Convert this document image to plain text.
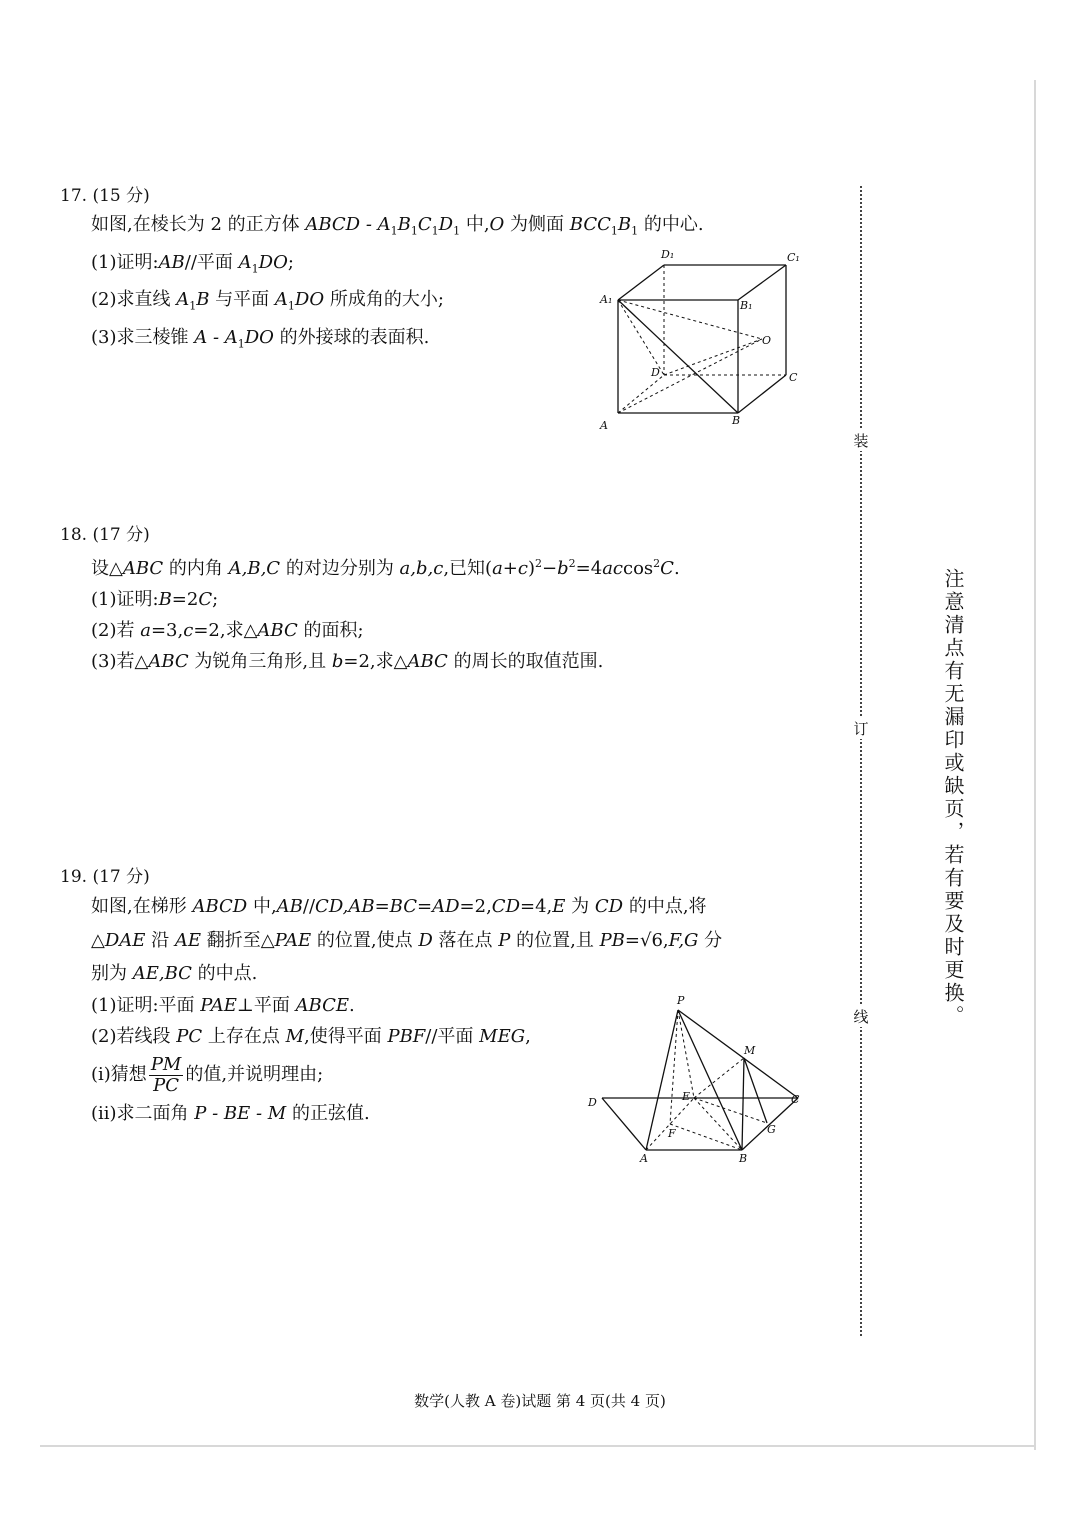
17. (15 分)
如图,在棱长为 2 的正方体 ABCD - $A_1B_1C_1D_1$ 中,O 为侧面 $BCC_1B_1$ 的中心.
(1)证明:AB//平面 $A_1DO$;
(2)求直线 $A_1B$ 与平面 $A_1DO$ 所成角的大小;
(3)求三棱锥 A - $A_1DO$ 的外接球的表面积.
A	B
C
D
A₁	B₁
C₁
D₁
O
18. (17 分)
设△ABC 的内角 A,B,C 的对边分别为 a,b,c,已知$(a+c)^2-b^2=4accos^2C$.
(1)证明:B=2C;
(2)若 a=3,c=2,求△ABC 的面积;
(3)若△ABC 为锐角三角形,且 b=2,求△ABC 的周长的取值范围.
19. (17 分)
如图,在梯形 ABCD 中,AB//CD,AB=BC=AD=2,CD=4,E 为 CD 的中点,将
△DAE 沿 AE 翻折至△PAE 的位置,使点 D 落在点 P 的位置,且 PB=√6,F,G 分
别为 AE,BC 的中点.
(1)证明:平面 PAE⊥平面 ABCE.
(2)若线段 PC 上存在点 M,使得平面 PBF//平面 MEG,
(ⅰ)猜想 $\frac{PM}{PC}$ 的值,并说明理由;
(ⅱ)求二面角 P - BE - M 的正弦值.
P
M
D	E	C
F	G
A	B
装
订
线	注意清点有无漏印或缺页，若有要及时更换。
数学(人教 A 卷)试题 第 4 页(共 4 页)
